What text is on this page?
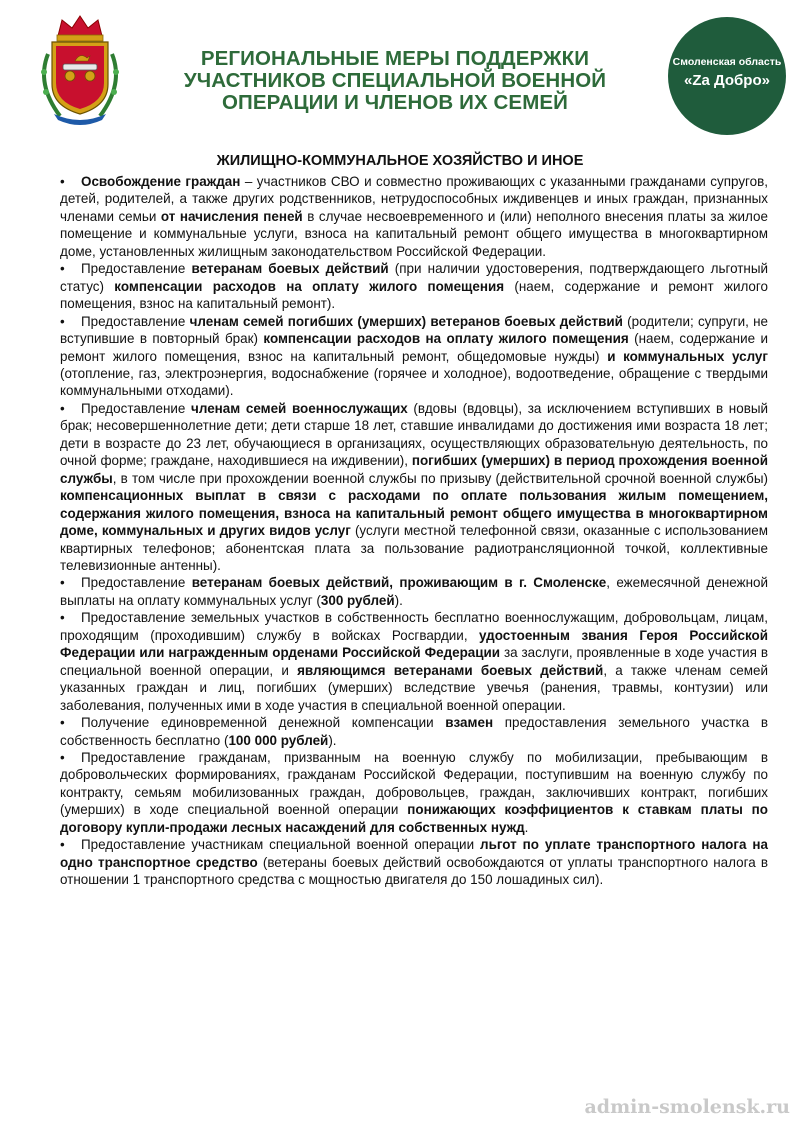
РЕГИОНАЛЬНЫЕ МЕРЫ ПОДДЕРЖКИ
УЧАСТНИКОВ СПЕЦИАЛЬНОЙ ВОЕННОЙ
ОПЕРАЦИИ И ЧЛЕНОВ ИХ СЕМЕЙ
Смоленская область
«Zа Добро»
ЖИЛИЩНО-КОММУНАЛЬНОЕ ХОЗЯЙСТВО И ИНОЕ

• Освобождение граждан – участников СВО и совместно проживающих с указанными гражданами супругов, детей, родителей, а также других родственников, нетрудоспособных иждивенцев и иных граждан, признанных членами семьи от начисления пеней в случае несвоевременного и (или) неполного внесения платы за жилое помещение и коммунальные услуги, взноса на капитальный ремонт общего имущества в многоквартирном доме, установленных жилищным законодательством Российской Федерации.

• Предоставление ветеранам боевых действий (при наличии удостоверения, подтверждающего льготный статус) компенсации расходов на оплату жилого помещения (наем, содержание и ремонт жилого помещения, взнос на капитальный ремонт).

• Предоставление членам семей погибших (умерших) ветеранов боевых действий (родители; супруги, не вступившие в повторный брак) компенсации расходов на оплату жилого помещения (наем, содержание и ремонт жилого помещения, взнос на капитальный ремонт, общедомовые нужды) и коммунальных услуг (отопление, газ, электроэнергия, водоснабжение (горячее и холодное), водоотведение, обращение с твердыми коммунальными отходами).

• Предоставление членам семей военнослужащих (вдовы (вдовцы), за исключением вступивших в новый брак; несовершеннолетние дети; дети старше 18 лет, ставшие инвалидами до достижения ими возраста 18 лет; дети в возрасте до 23 лет, обучающиеся в организациях, осуществляющих образовательную деятельность, по очной форме; граждане, находившиеся на иждивении), погибших (умерших) в период прохождения военной службы, в том числе при прохождении военной службы по призыву (действительной срочной военной службы) компенсационных выплат в связи с расходами по оплате пользования жилым помещением, содержания жилого помещения, взноса на капитальный ремонт общего имущества в многоквартирном доме, коммунальных и других видов услуг (услуги местной телефонной связи, оказанные с использованием квартирных телефонов; абонентская плата за пользование радиотрансляционной точкой, коллективные телевизионные антенны).

• Предоставление ветеранам боевых действий, проживающим в г. Смоленске, ежемесячной денежной выплаты на оплату коммунальных услуг (300 рублей).

• Предоставление земельных участков в собственность бесплатно военнослужащим, добровольцам, лицам, проходящим (проходившим) службу в войсках Росгвардии, удостоенным звания Героя Российской Федерации или награжденным орденами Российской Федерации за заслуги, проявленные в ходе участия в специальной военной операции, и являющимся ветеранами боевых действий, а также членам семей указанных граждан и лиц, погибших (умерших) вследствие увечья (ранения, травмы, контузии) или заболевания, полученных ими в ходе участия в специальной военной операции.

• Получение единовременной денежной компенсации взамен предоставления земельного участка в собственность бесплатно (100 000 рублей).

• Предоставление гражданам, призванным на военную службу по мобилизации, пребывающим в добровольческих формированиях, гражданам Российской Федерации, поступившим на военную службу по контракту, семьям мобилизованных граждан, добровольцев, граждан, заключивших контракт, погибших (умерших) в ходе специальной военной операции понижающих коэффициентов к ставкам платы по договору купли-продажи лесных насаждений для собственных нужд.

• Предоставление участникам специальной военной операции льгот по уплате транспортного налога на одно транспортное средство (ветераны боевых действий освобождаются от уплаты транспортного налога в отношении 1 транспортного средства с мощностью двигателя до 150 лошадиных сил).

admin-smolensk.ru
